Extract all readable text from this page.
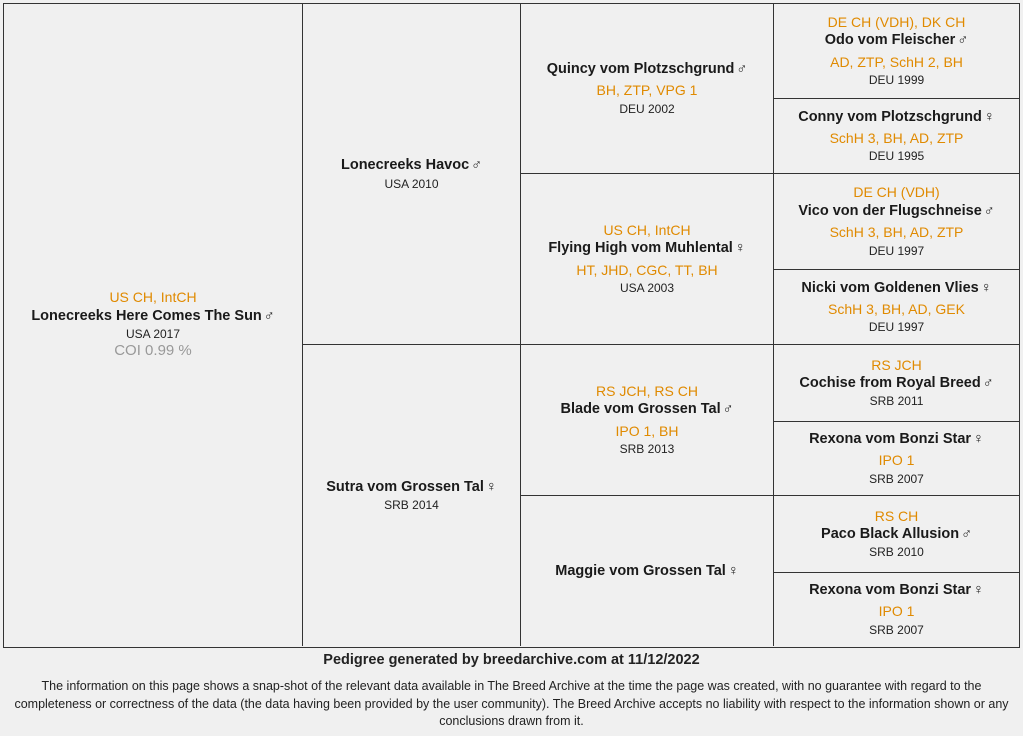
US CH, IntCH
Lonecreeks Here Comes The Sun ♂
USA 2017
COI 0.99 %
Lonecreeks Havoc ♂
USA 2010
Sutra vom Grossen Tal ♀
SRB 2014
Quincy vom Plotzschgrund ♂
BH, ZTP, VPG 1
DEU 2002
US CH, IntCH
Flying High vom Muhlental ♀
HT, JHD, CGC, TT, BH
USA 2003
RS JCH, RS CH
Blade vom Grossen Tal ♂
IPO 1, BH
SRB 2013
Maggie vom Grossen Tal ♀
DE CH (VDH), DK CH
Odo vom Fleischer ♂
AD, ZTP, SchH 2, BH
DEU 1999
Conny vom Plotzschgrund ♀
SchH 3, BH, AD, ZTP
DEU 1995
DE CH (VDH)
Vico von der Flugschneise ♂
SchH 3, BH, AD, ZTP
DEU 1997
Nicki vom Goldenen Vlies ♀
SchH 3, BH, AD, GEK
DEU 1997
RS JCH
Cochise from Royal Breed ♂
SRB 2011
Rexona vom Bonzi Star ♀
IPO 1
SRB 2007
RS CH
Paco Black Allusion ♂
SRB 2010
Rexona vom Bonzi Star ♀
IPO 1
SRB 2007
Pedigree generated by breedarchive.com at 11/12/2022
The information on this page shows a snap-shot of the relevant data available in The Breed Archive at the time the page was created, with no guarantee with regard to the completeness or correctness of the data (the data having been provided by the user community). The Breed Archive accepts no liability with respect to the information shown or any conclusions drawn from it.
